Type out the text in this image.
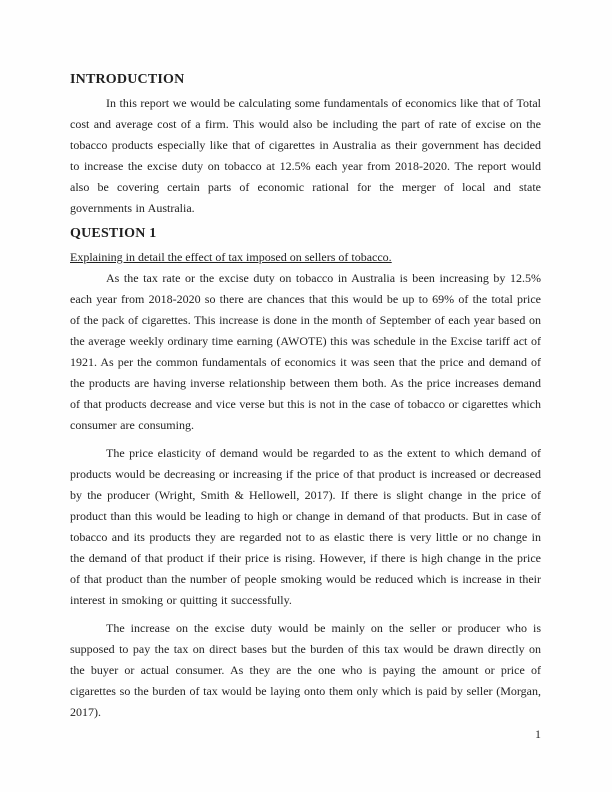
INTRODUCTION

In this report we would be calculating some fundamentals of economics like that of Total cost and average cost of a firm. This would also be including the part of rate of excise on the tobacco products especially like that of cigarettes in Australia as their government has decided to increase the excise duty on tobacco at 12.5% each year from 2018-2020. The report would also be covering certain parts of economic rational for the merger of local and state governments in Australia.

QUESTION 1
Explaining in detail the effect of tax imposed on sellers of tobacco.

As the tax rate or the excise duty on tobacco in Australia is been increasing by 12.5% each year from 2018-2020 so there are chances that this would be up to 69% of the total price of the pack of cigarettes. This increase is done in the month of September of each year based on the average weekly ordinary time earning (AWOTE) this was schedule in the Excise tariff act of 1921. As per the common fundamentals of economics it was seen that the price and demand of the products are having inverse relationship between them both. As the price increases demand of that products decrease and vice verse but this is not in the case of tobacco or cigarettes which consumer are consuming.

The price elasticity of demand would be regarded to as the extent to which demand of products would be decreasing or increasing if the price of that product is increased or decreased by the producer (Wright, Smith & Hellowell, 2017). If there is slight change in the price of product than this would be leading to high or change in demand of that products. But in case of tobacco and its products they are regarded not to as elastic there is very little or no change in the demand of that product if their price is rising. However, if there is high change in the price of that product than the number of people smoking would be reduced which is increase in their interest in smoking or quitting it successfully.

The increase on the excise duty would be mainly on the seller or producer who is supposed to pay the tax on direct bases but the burden of this tax would be drawn directly on the buyer or actual consumer. As they are the one who is paying the amount or price of cigarettes so the burden of tax would be laying onto them only which is paid by seller (Morgan, 2017).

1
